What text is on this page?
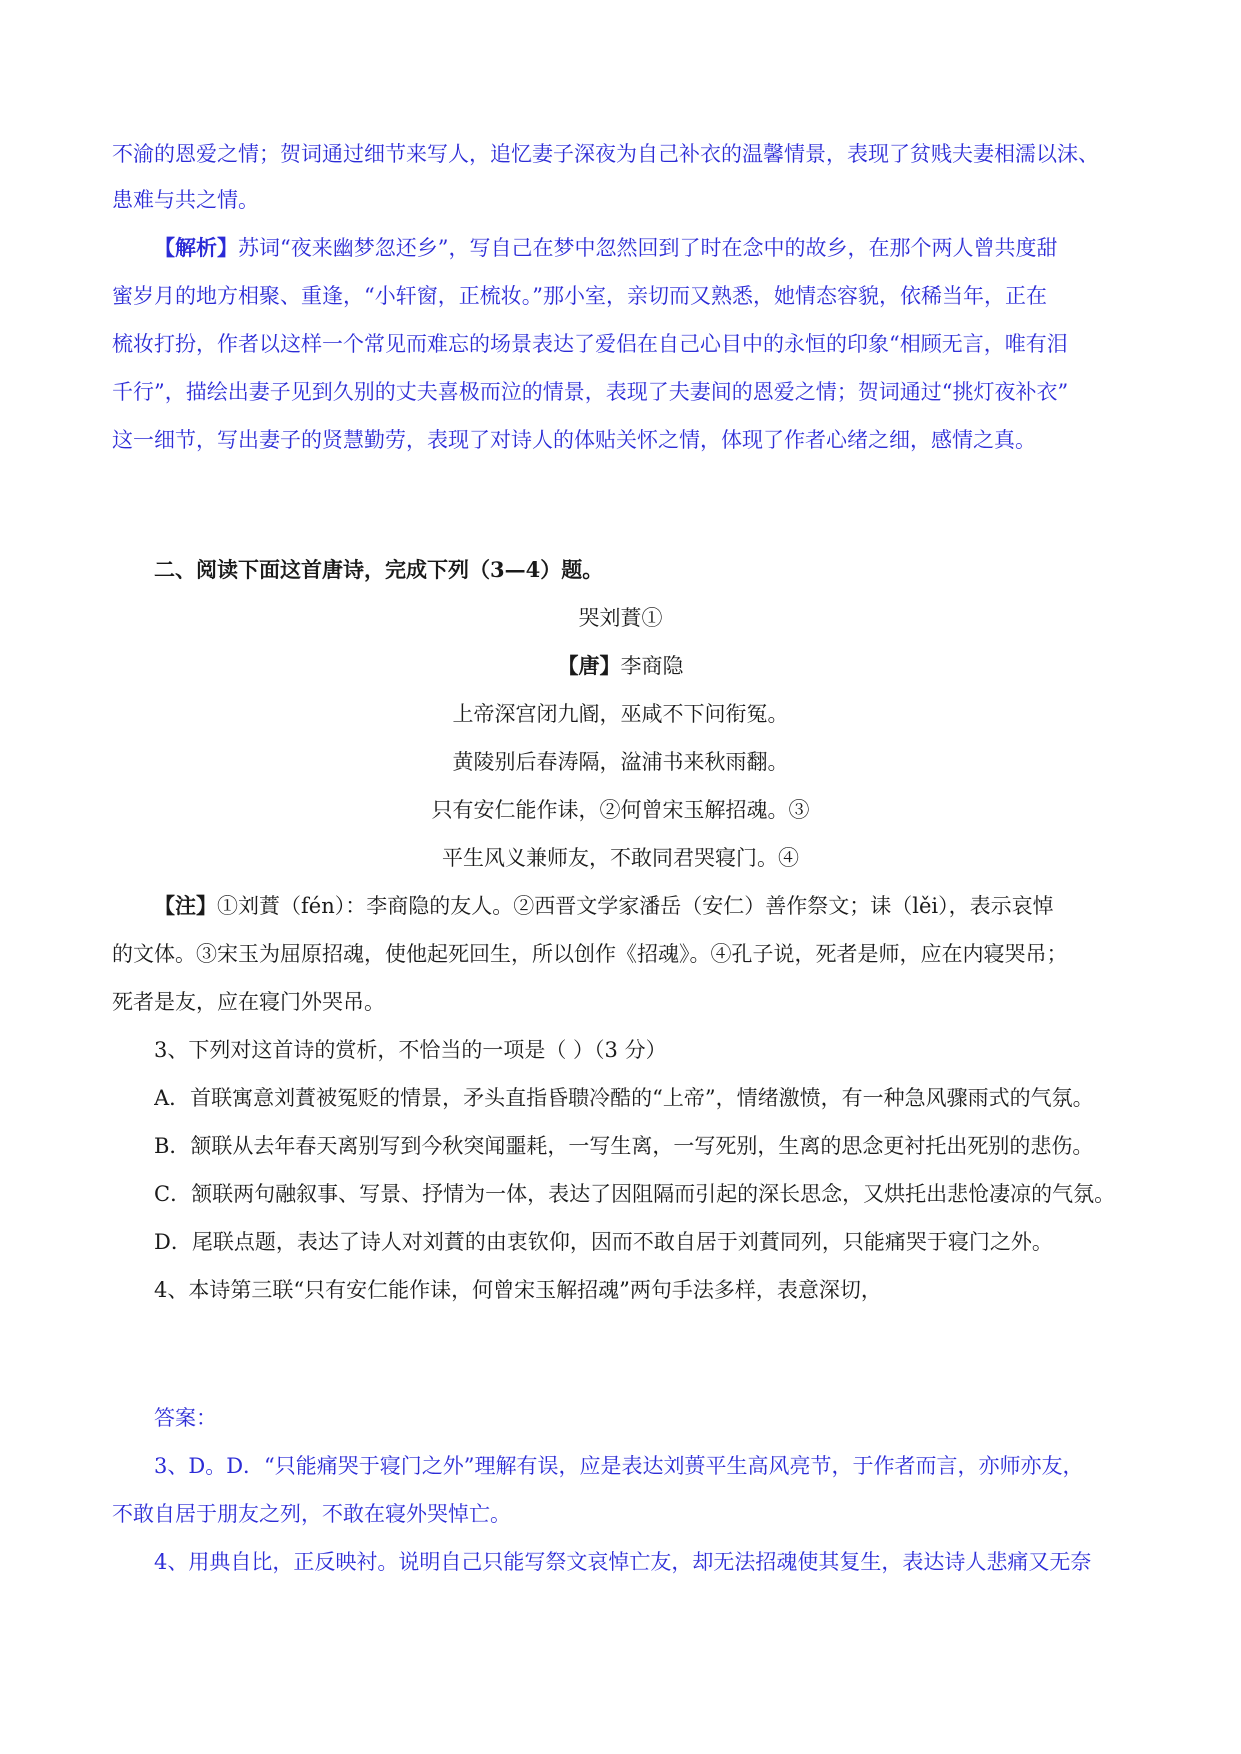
不渝的恩爱之情；贺词通过细节来写人，追忆妻子深夜为自己补衣的温馨情景，表现了贫贱夫妻相濡以沫、
患难与共之情。
【解析】苏词“夜来幽梦忽还乡”，写自己在梦中忽然回到了时在念中的故乡，在那个两人曾共度甜
蜜岁月的地方相聚、重逢，“小轩窗，正梳妆。”那小室，亲切而又熟悉，她情态容貌，依稀当年，正在
梳妆打扮，作者以这样一个常见而难忘的场景表达了爱侣在自己心目中的永恒的印象“相顾无言，唯有泪
千行”，描绘出妻子见到久别的丈夫喜极而泣的情景，表现了夫妻间的恩爱之情；贺词通过“挑灯夜补衣”
这一细节，写出妻子的贤慧勤劳，表现了对诗人的体贴关怀之情，体现了作者心绪之细，感情之真。
二、阅读下面这首唐诗，完成下列（3—4）题。
哭刘蕡①
【唐】李商隐
上帝深宫闭九阍，巫咸不下问衔冤。
黄陵别后春涛隔，湓浦书来秋雨翻。
只有安仁能作诔，②何曾宋玉解招魂。③
平生风义兼师友，不敢同君哭寝门。④
【注】①刘蕡（fén）：李商隐的友人。②西晋文学家潘岳（安仁）善作祭文；诔（lěi），表示哀悼
的文体。③宋玉为屈原招魂，使他起死回生，所以创作《招魂》。④孔子说，死者是师，应在内寝哭吊；
死者是友，应在寝门外哭吊。
3、下列对这首诗的赏析，不恰当的一项是（ ）（3 分）
A．首联寓意刘蕡被冤贬的情景，矛头直指昏聩冷酷的“上帝”，情绪激愤，有一种急风骤雨式的气氛。
B．颔联从去年春天离别写到今秋突闻噩耗，一写生离，一写死别，生离的思念更衬托出死别的悲伤。
C．颔联两句融叙事、写景、抒情为一体，表达了因阻隔而引起的深长思念，又烘托出悲怆凄凉的气氛。
D．尾联点题，表达了诗人对刘蕡的由衷钦仰，因而不敢自居于刘蕡同列，只能痛哭于寝门之外。
4、本诗第三联“只有安仁能作诔，何曾宋玉解招魂”两句手法多样，表意深切，
答案：
3、D。D．“只能痛哭于寝门之外”理解有误，应是表达刘蒉平生高风亮节，于作者而言，亦师亦友，
不敢自居于朋友之列，不敢在寝外哭悼亡。
4、用典自比，正反映衬。说明自己只能写祭文哀悼亡友，却无法招魂使其复生，表达诗人悲痛又无奈
